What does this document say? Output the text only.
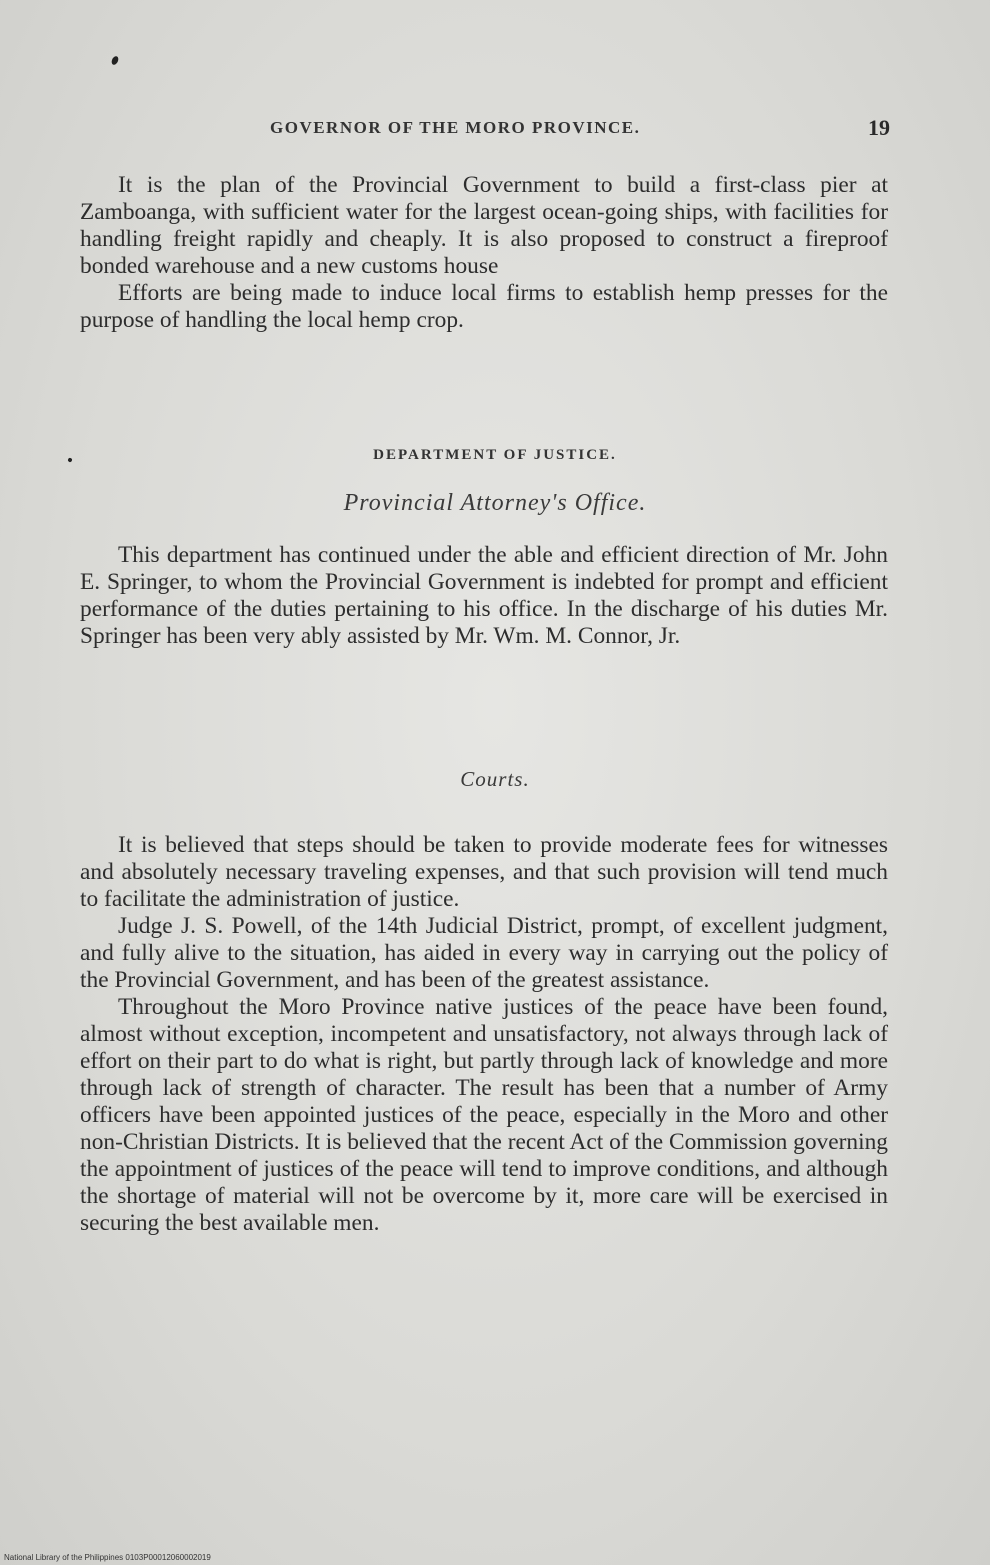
GOVERNOR OF THE MORO PROVINCE.	19

It is the plan of the Provincial Government to build a first-class pier at Zamboanga, with sufficient water for the largest ocean-going ships, with facilities for handling freight rapidly and cheaply. It is also proposed to construct a fireproof bonded warehouse and a new customs house

Efforts are being made to induce local firms to establish hemp presses for the purpose of handling the local hemp crop.

DEPARTMENT OF JUSTICE.
Provincial Attorney's Office.

This department has continued under the able and efficient direction of Mr. John E. Springer, to whom the Provincial Government is indebted for prompt and efficient performance of the duties pertaining to his office. In the discharge of his duties Mr. Springer has been very ably assisted by Mr. Wm. M. Connor, Jr.

Courts.

It is believed that steps should be taken to provide moderate fees for witnesses and absolutely necessary traveling expenses, and that such provision will tend much to facilitate the administration of justice.

Judge J. S. Powell, of the 14th Judicial District, prompt, of excellent judgment, and fully alive to the situation, has aided in every way in carrying out the policy of the Provincial Government, and has been of the greatest assistance.

Throughout the Moro Province native justices of the peace have been found, almost without exception, incompetent and unsatisfactory, not always through lack of effort on their part to do what is right, but partly through lack of knowledge and more through lack of strength of character. The result has been that a number of Army officers have been appointed justices of the peace, especially in the Moro and other non-Christian Districts. It is believed that the recent Act of the Commission governing the appointment of justices of the peace will tend to improve conditions, and although the shortage of material will not be overcome by it, more care will be exercised in securing the best available men.

National Library of the Philippines 0103P00012060002019
